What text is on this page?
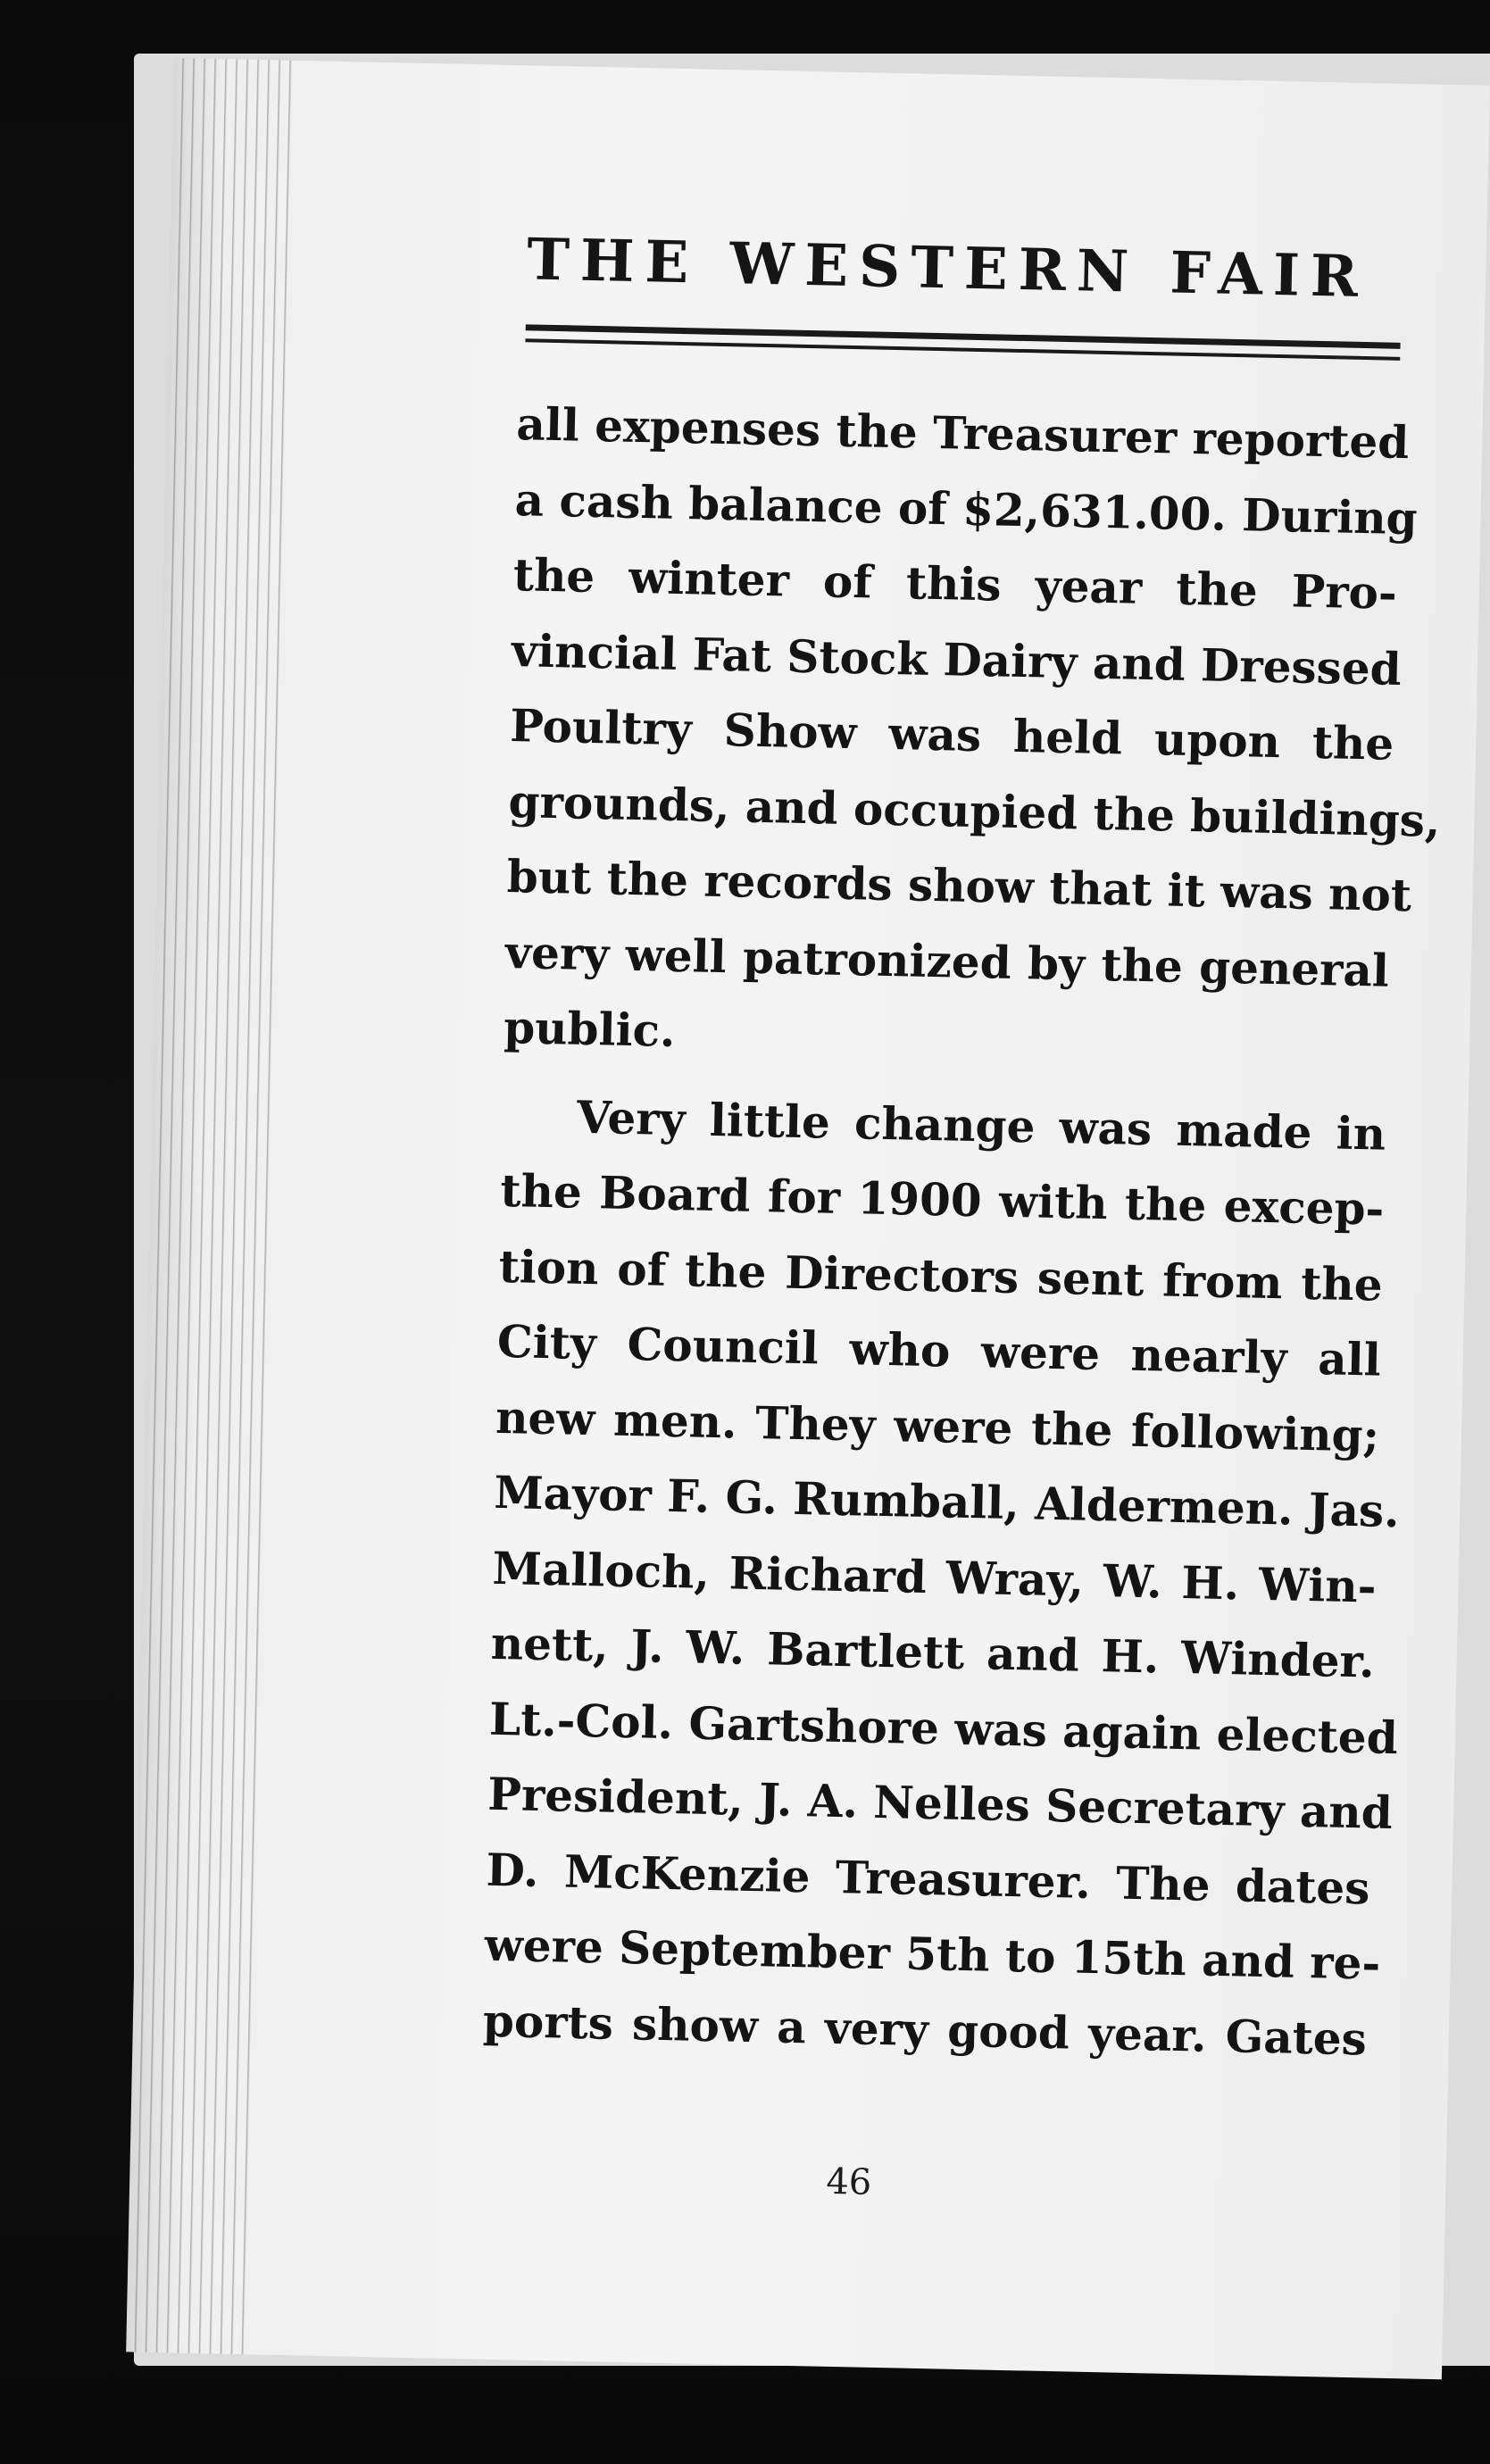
THE WESTERN FAIR
all expenses the Treasurer reported
a cash balance of $2,631.00. During
the winter of this year the Pro-
vincial Fat Stock Dairy and Dressed
Poultry Show was held upon the
grounds, and occupied the buildings,
but the records show that it was not
very well patronized by the general
public.
Very little change was made in
the Board for 1900 with the excep-
tion of the Directors sent from the
City Council who were nearly all
new men. They were the following;
Mayor F. G. Rumball, Aldermen. Jas.
Malloch, Richard Wray, W. H. Win-
nett, J. W. Bartlett and H. Winder.
Lt.-Col. Gartshore was again elected
President, J. A. Nelles Secretary and
D. McKenzie Treasurer. The dates
were September 5th to 15th and re-
ports show a very good year. Gates
46
